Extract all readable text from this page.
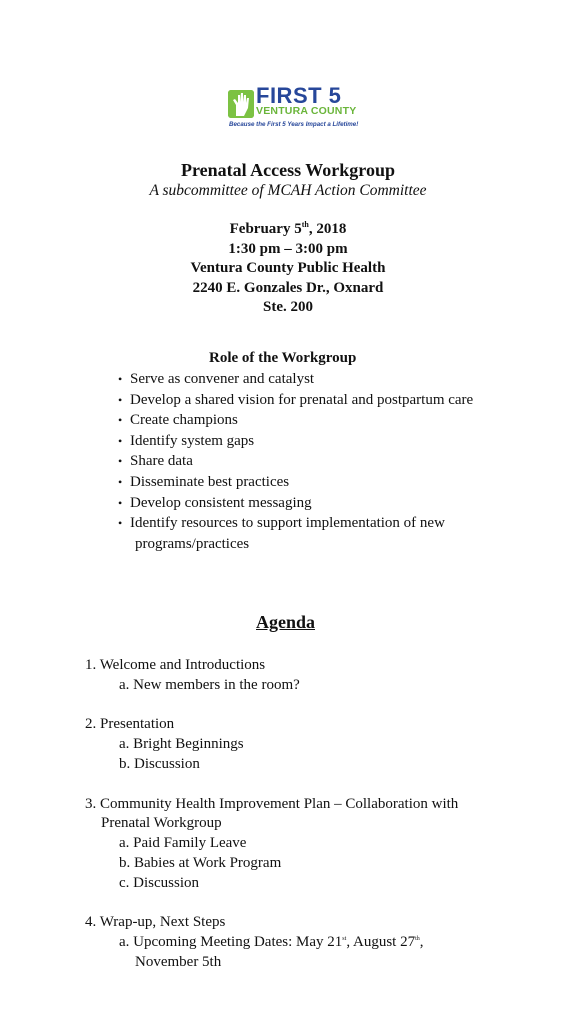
FIRST 5
VENTURA COUNTY
Because the First 5 Years Impact a Lifetime!
Prenatal Access Workgroup
A subcommittee of MCAH Action Committee
February 5th, 2018
1:30 pm – 3:00 pm
Ventura County Public Health
2240 E. Gonzales Dr., Oxnard
Ste. 200
Role of the Workgroup
• Serve as convener and catalyst
• Develop a shared vision for prenatal and postpartum care
• Create champions
• Identify system gaps
• Share data
• Disseminate best practices
• Develop consistent messaging
• Identify resources to support implementation of new
programs/practices
Agenda
1. Welcome and Introductions
a. New members in the room?
2. Presentation
a. Bright Beginnings
b. Discussion
3. Community Health Improvement Plan – Collaboration with
Prenatal Workgroup
a. Paid Family Leave
b. Babies at Work Program
c. Discussion
4. Wrap-up, Next Steps
a. Upcoming Meeting Dates: May 21st, August 27th,
November 5th
